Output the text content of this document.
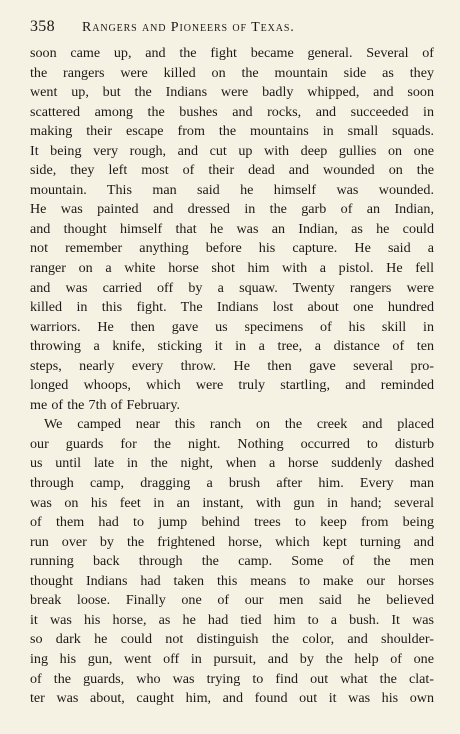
358 Rangers and Pioneers of Texas.
soon came up, and the fight became general. Several of
the rangers were killed on the mountain side as they
went up, but the Indians were badly whipped, and soon
scattered among the bushes and rocks, and succeeded in
making their escape from the mountains in small squads.
It being very rough, and cut up with deep gullies on one
side, they left most of their dead and wounded on the
mountain. This man said he himself was wounded.
He was painted and dressed in the garb of an Indian,
and thought himself that he was an Indian, as he could
not remember anything before his capture. He said a
ranger on a white horse shot him with a pistol. He fell
and was carried off by a squaw. Twenty rangers were
killed in this fight. The Indians lost about one hundred
warriors. He then gave us specimens of his skill in
throwing a knife, sticking it in a tree, a distance of ten
steps, nearly every throw. He then gave several pro-
longed whoops, which were truly startling, and reminded
me of the 7th of February.
We camped near this ranch on the creek and placed
our guards for the night. Nothing occurred to disturb
us until late in the night, when a horse suddenly dashed
through camp, dragging a brush after him. Every man
was on his feet in an instant, with gun in hand; several
of them had to jump behind trees to keep from being
run over by the frightened horse, which kept turning and
running back through the camp. Some of the men
thought Indians had taken this means to make our horses
break loose. Finally one of our men said he believed
it was his horse, as he had tied him to a bush. It was
so dark he could not distinguish the color, and shoulder-
ing his gun, went off in pursuit, and by the help of one
of the guards, who was trying to find out what the clat-
ter was about, caught him, and found out it was his own
